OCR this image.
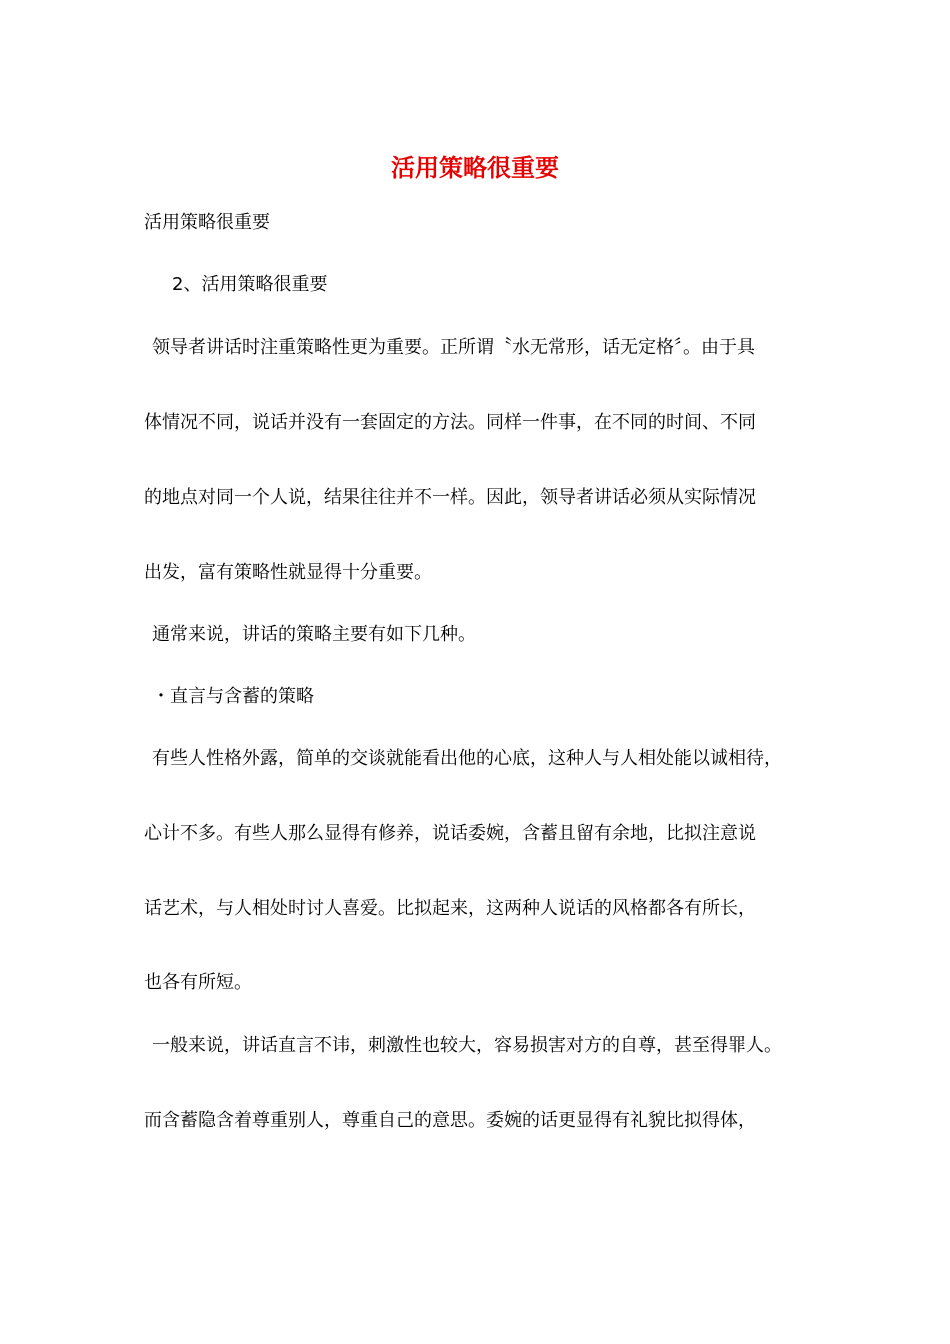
活用策略很重要

活用策略很重要

2、活用策略很重要

领导者讲话时注重策略性更为重要。正所谓〝水无常形，话无定格〞。由于具

体情况不同，说话并没有一套固定的方法。同样一件事，在不同的时间、不同

的地点对同一个人说，结果往往并不一样。因此，领导者讲话必须从实际情况

出发，富有策略性就显得十分重要。

通常来说，讲话的策略主要有如下几种。

・直言与含蓄的策略

有些人性格外露，简单的交谈就能看出他的心底，这种人与人相处能以诚相待，

心计不多。有些人那么显得有修养，说话委婉，含蓄且留有余地，比拟注意说

话艺术，与人相处时讨人喜爱。比拟起来，这两种人说话的风格都各有所长，

也各有所短。

一般来说，讲话直言不讳，刺激性也较大，容易损害对方的自尊，甚至得罪人。

而含蓄隐含着尊重别人，尊重自己的意思。委婉的话更显得有礼貌比拟得体，
